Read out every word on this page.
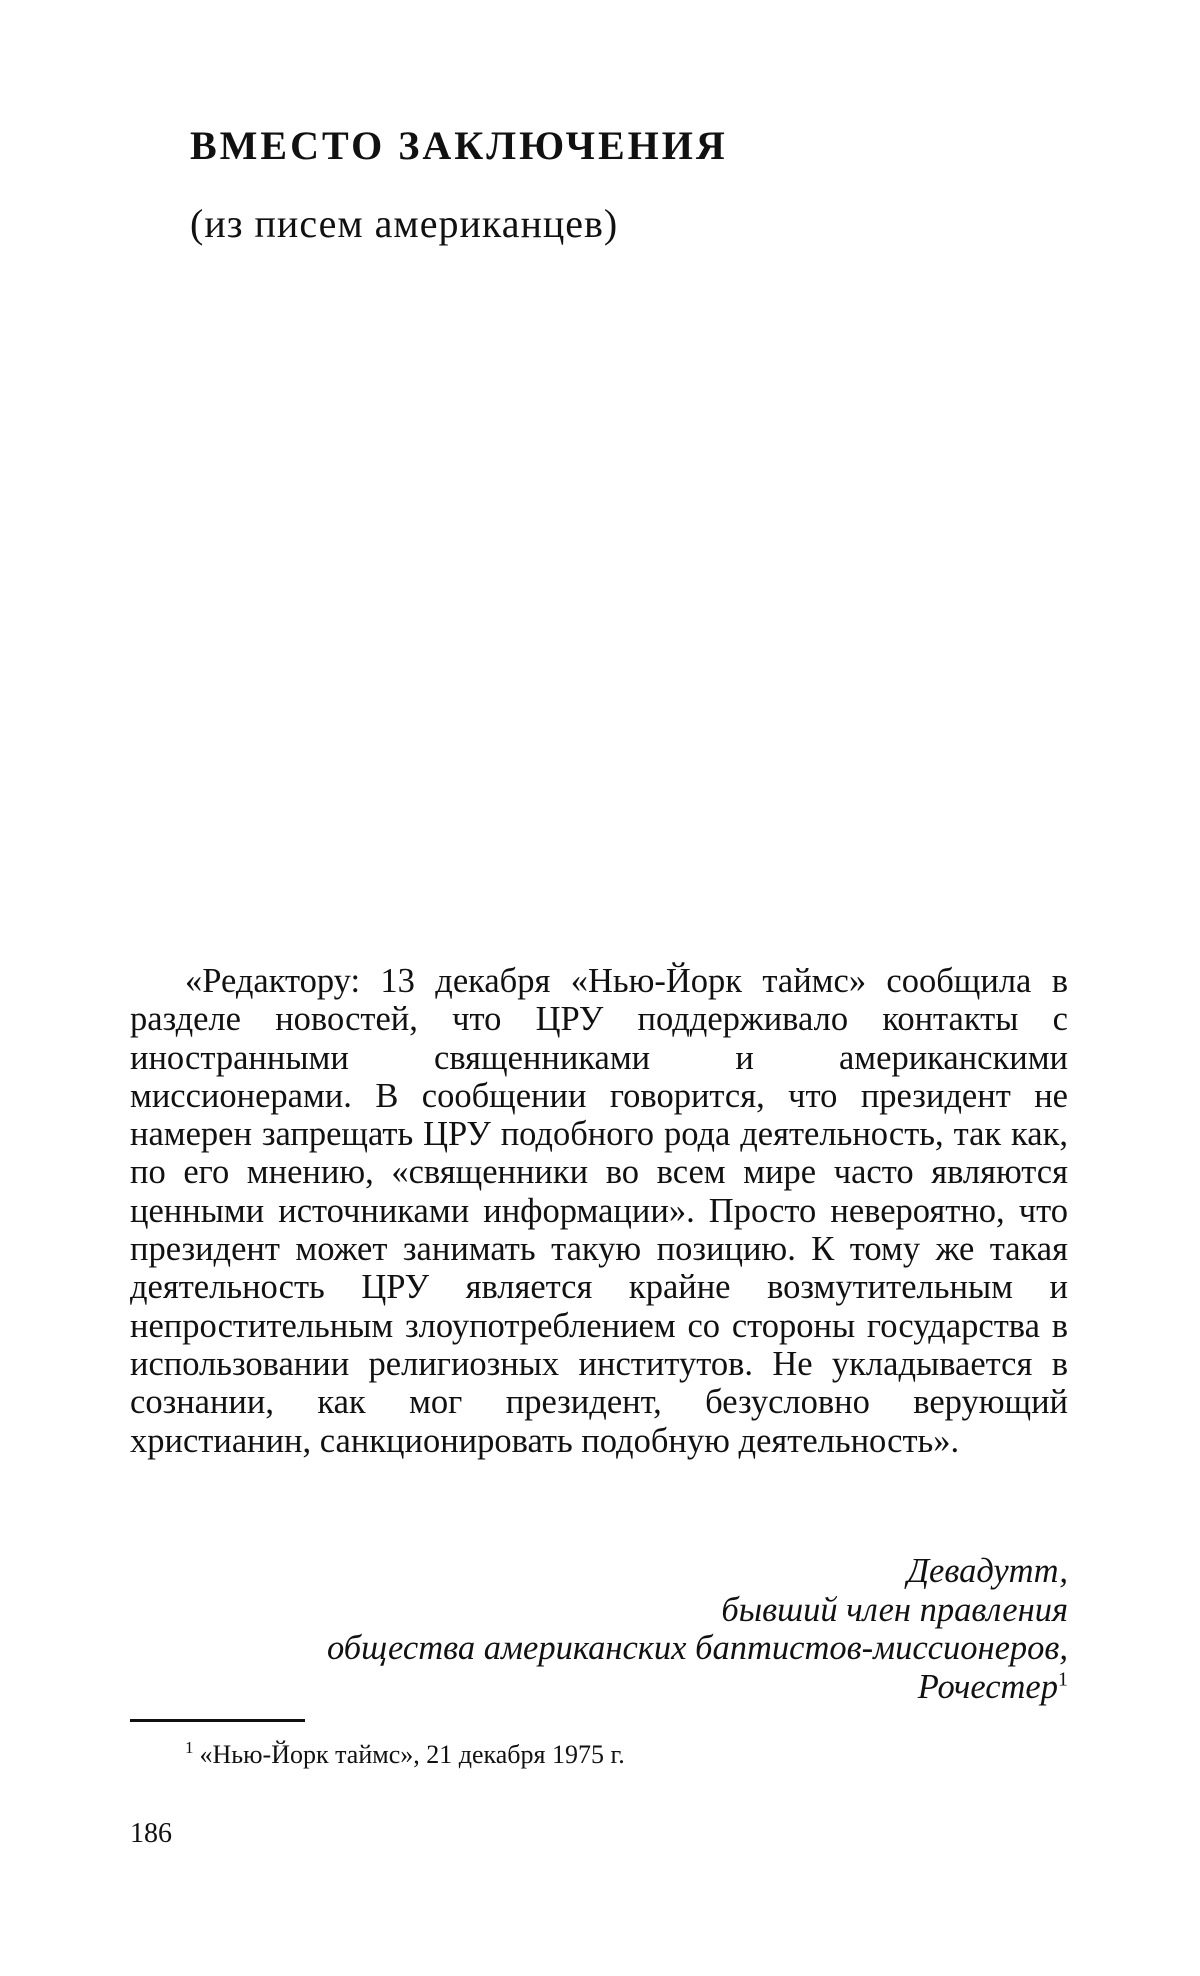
ВМЕСТО ЗАКЛЮЧЕНИЯ
(из писем американцев)

«Редактору: 13 декабря «Нью-Йорк таймс» сообщила в разделе новостей, что ЦРУ поддерживало контакты с иностранными священниками и американскими миссионерами. В сообщении говорится, что президент не намерен запрещать ЦРУ подобного рода деятельность, так как, по его мнению, «священники во всем мире часто являются ценными источниками информации». Просто невероятно, что президент может занимать такую позицию. К тому же такая деятельность ЦРУ является крайне возмутительным и непростительным злоупотреблением со стороны государства в использовании религиозных институтов. Не укладывается в сознании, как мог президент, безусловно верующий христианин, санкционировать подобную деятельность».

Девадутт,
бывший член правления
общества американских баптистов-миссионеров,
Рочестер$^1$

$^1$ «Нью-Йорк таймс», 21 декабря 1975 г.

186
